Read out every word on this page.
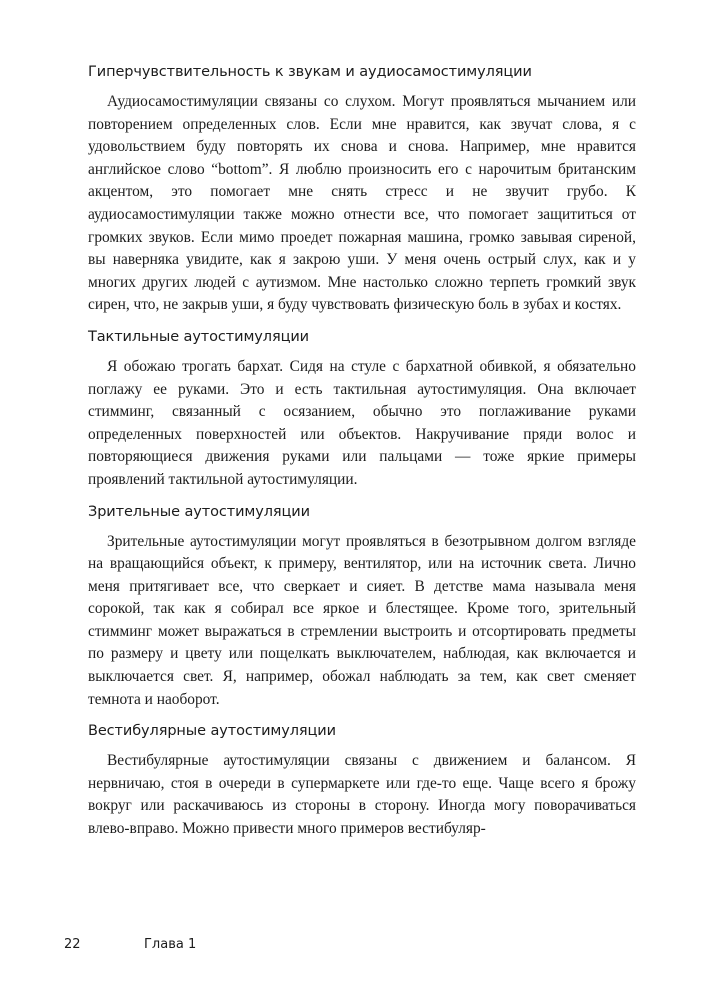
Гиперчувствительность к звукам и аудиосамостимуляции

Аудиосамостимуляции связаны со слухом. Могут проявляться мычанием или повторением определенных слов. Если мне нравится, как звучат слова, я с удовольствием буду повторять их снова и снова. Например, мне нравится английское слово “bottom”. Я люблю произносить его с нарочитым британским акцентом, это помогает мне снять стресс и не звучит грубо. К аудиосамостимуляции также можно отнести все, что помогает защититься от громких звуков. Если мимо проедет пожарная машина, громко завывая сиреной, вы наверняка увидите, как я закрою уши. У меня очень острый слух, как и у многих других людей с аутизмом. Мне настолько сложно терпеть громкий звук сирен, что, не закрыв уши, я буду чувствовать физическую боль в зубах и костях.

Тактильные аутостимуляции

Я обожаю трогать бархат. Сидя на стуле с бархатной обивкой, я обязательно поглажу ее руками. Это и есть тактильная аутостимуляция. Она включает стимминг, связанный с осязанием, обычно это поглаживание руками определенных поверхностей или объектов. Накручивание пряди волос и повторяющиеся движения руками или пальцами — тоже яркие примеры проявлений тактильной аутостимуляции.

Зрительные аутостимуляции

Зрительные аутостимуляции могут проявляться в безотрывном долгом взгляде на вращающийся объект, к примеру, вентилятор, или на источник света. Лично меня притягивает все, что сверкает и сияет. В детстве мама называла меня сорокой, так как я собирал все яркое и блестящее. Кроме того, зрительный стимминг может выражаться в стремлении выстроить и отсортировать предметы по размеру и цвету или пощелкать выключателем, наблюдая, как включается и выключается свет. Я, например, обожал наблюдать за тем, как свет сменяет темнота и наоборот.

Вестибулярные аутостимуляции

Вестибулярные аутостимуляции связаны с движением и балансом. Я нервничаю, стоя в очереди в супермаркете или где-то еще. Чаще всего я брожу вокруг или раскачиваюсь из стороны в сторону. Иногда могу поворачиваться влево-вправо. Можно привести много примеров вестибуляр-

22	Глава 1
